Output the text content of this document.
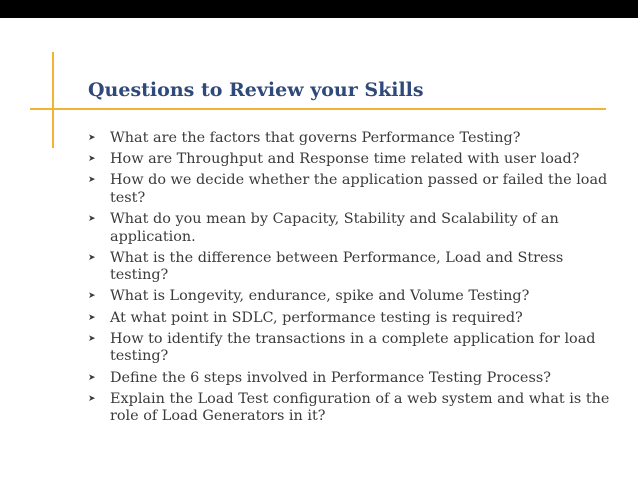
Questions to Review your Skills
➤ What are the factors that governs Performance Testing?
➤ How are Throughput and Response time related with user load?
➤ How do we decide whether the application passed or failed the load test?
➤ What do you mean by Capacity, Stability and Scalability of an application.
➤ What is the difference between Performance, Load and Stress testing?
➤ What is Longevity, endurance, spike and Volume Testing?
➤ At what point in SDLC, performance testing is required?
➤ How to identify the transactions in a complete application for load testing?
➤ Define the 6 steps involved in Performance Testing Process?
➤ Explain the Load Test configuration of a web system and what is the role of Load Generators in it?
